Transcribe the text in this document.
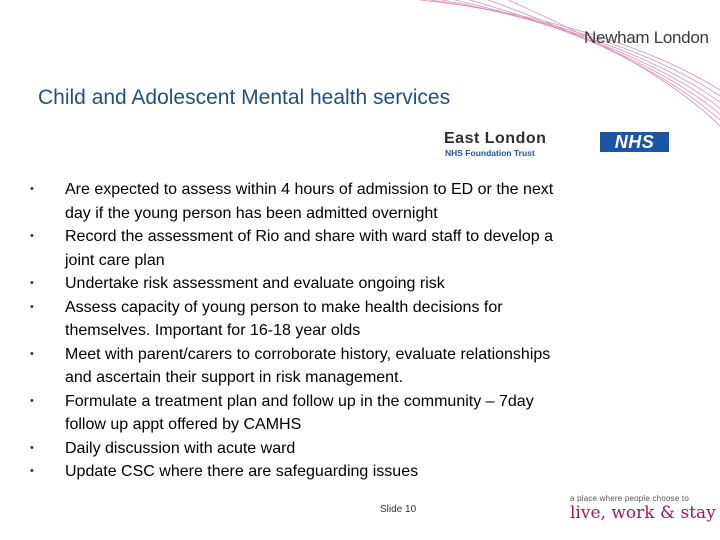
Newham London
Child and Adolescent Mental health services
East London
NHS Foundation Trust
NHS
• Are expected to assess within 4 hours of admission to ED or the next day if the young person has been admitted overnight
• Record the assessment of Rio and share with ward staff to develop a joint care plan
• Undertake risk assessment and evaluate ongoing risk
• Assess capacity of young person to make health decisions for themselves. Important for 16-18 year olds
• Meet with parent/carers to corroborate history, evaluate relationships and ascertain their support in risk management.
• Formulate a treatment plan and follow up in the community – 7day follow up appt offered by CAMHS
• Daily discussion with acute ward
• Update CSC where there are safeguarding issues
Slide 10
a place where people choose to
live, work & stay
